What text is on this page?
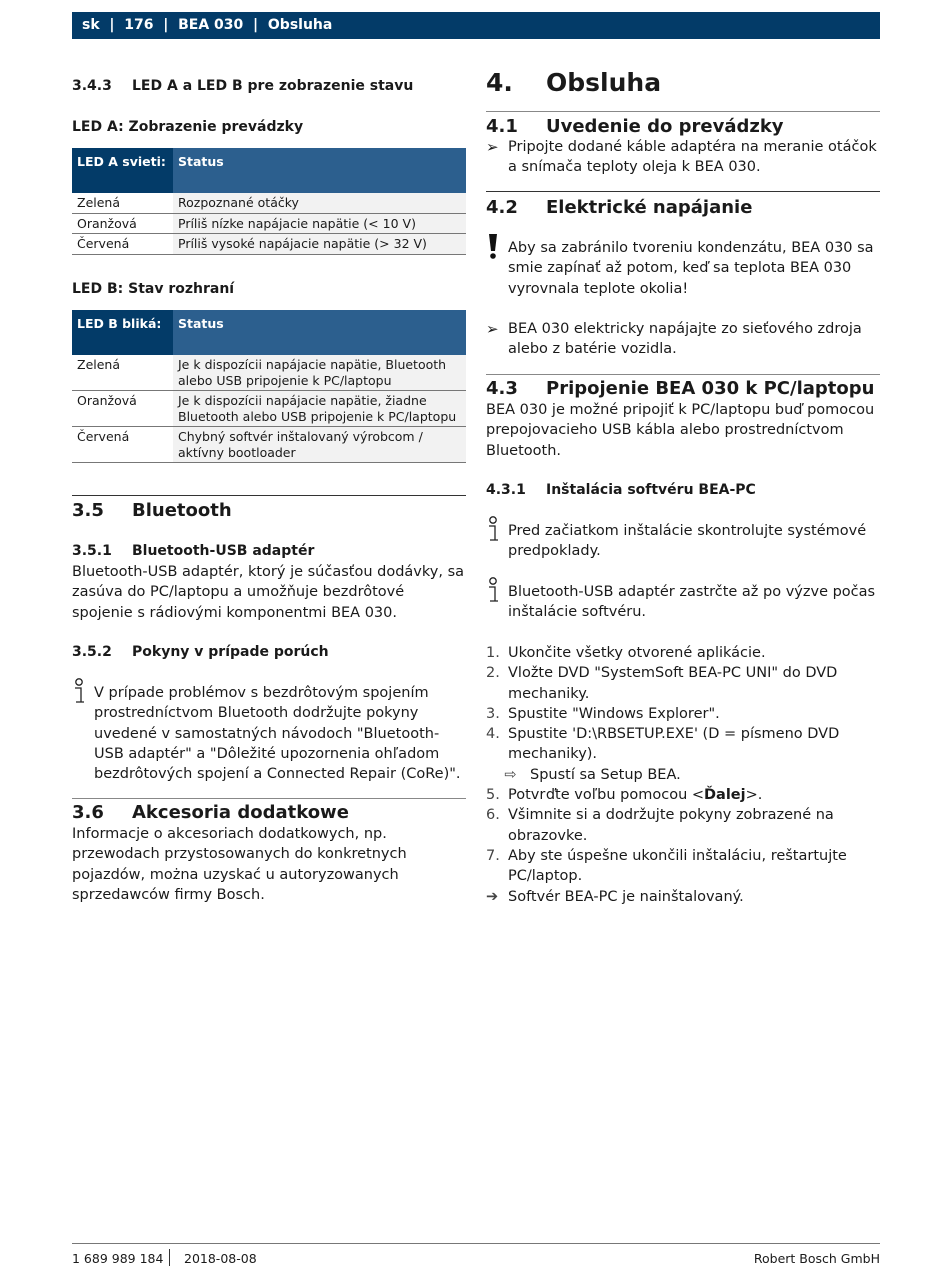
sk  |  176  |  BEA 030  |  Obsluha
3.4.3 LED A a LED B pre zobrazenie stavu
LED A: Zobrazenie prevádzky
LED A svieti:	Status
Zelená	Rozpoznané otáčky
Oranžová	Príliš nízke napájacie napätie (< 10 V)
Červená	Príliš vysoké napájacie napätie (> 32 V)
LED B: Stav rozhraní
LED B bliká:	Status
Zelená	Je k dispozícii napájacie napätie, Bluetooth alebo USB pripojenie k PC/laptopu
Oranžová	Je k dispozícii napájacie napätie, žiadne Bluetooth alebo USB pripojenie k PC/laptopu
Červená	Chybný softvér inštalovaný výrobcom / aktívny bootloader
3.5 Bluetooth
3.5.1 Bluetooth-USB adaptér
Bluetooth-USB adaptér, ktorý je súčasťou dodávky, sa zasúva do PC/laptopu a umožňuje bezdrôtové spojenie s rádiovými komponentmi BEA 030.
3.5.2 Pokyny v prípade porúch
V prípade problémov s bezdrôtovým spojením prostredníctvom Bluetooth dodržujte pokyny uvedené v samostatných návodoch "Bluetooth-USB adaptér" a "Dôležité upozornenia ohľadom bezdrôtových spojení a Connected Repair (CoRe)".
3.6 Akcesoria dodatkowe
Informacje o akcesoriach dodatkowych, np. przewodach przystosowanych do konkretnych pojazdów, można uzyskać u autoryzowanych sprzedawców firmy Bosch.
4. Obsluha
4.1 Uvedenie do prevádzky
➢ Pripojte dodané káble adaptéra na meranie otáčok a snímača teploty oleja k BEA 030.
4.2 Elektrické napájanie
Aby sa zabránilo tvoreniu kondenzátu, BEA 030 sa smie zapínať až potom, keď sa teplota BEA 030 vyrovnala teplote okolia!
➢ BEA 030 elektricky napájajte zo sieťového zdroja alebo z batérie vozidla.
4.3 Pripojenie BEA 030 k PC/laptopu
BEA 030 je možné pripojiť k PC/laptopu buď pomocou prepojovacieho USB kábla alebo prostredníctvom Bluetooth.
4.3.1 Inštalácia softvéru BEA-PC
Pred začiatkom inštalácie skontrolujte systémové predpoklady.
Bluetooth-USB adaptér zastrčte až po výzve počas inštalácie softvéru.
1. Ukončite všetky otvorené aplikácie.
2. Vložte DVD "SystemSoft BEA-PC UNI" do DVD mechaniky.
3. Spustite "Windows Explorer".
4. Spustite 'D:\RBSETUP.EXE' (D = písmeno DVD mechaniky).
⇨ Spustí sa Setup BEA.
5. Potvrďte voľbu pomocou <Ďalej>.
6. Všimnite si a dodržujte pokyny zobrazené na obrazovke.
7. Aby ste úspešne ukončili inštaláciu, reštartujte PC/laptop.
➔ Softvér BEA-PC je nainštalovaný.
1 689 989 184 2018-08-08	Robert Bosch GmbH
